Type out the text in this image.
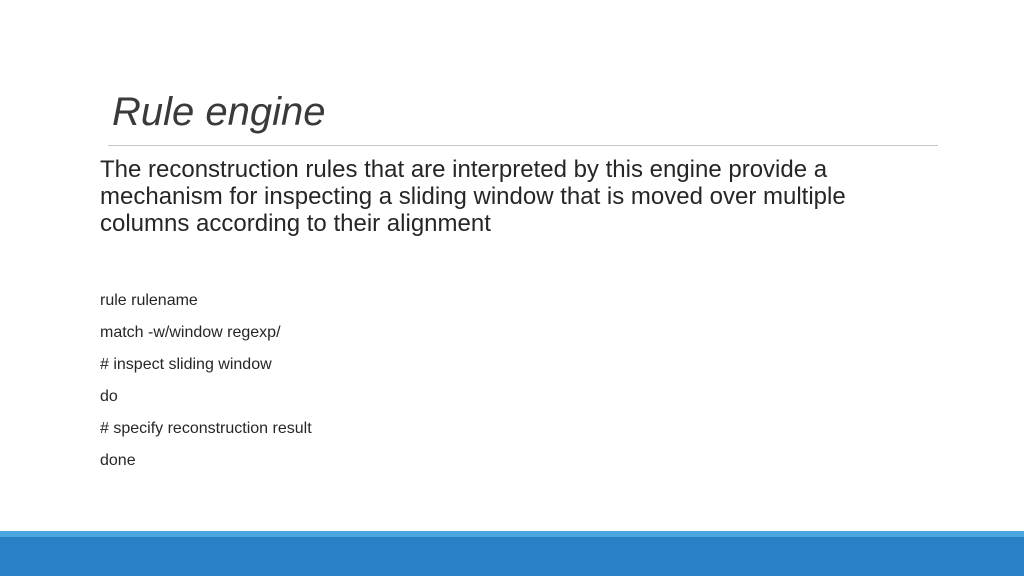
Rule engine
The reconstruction rules that are interpreted by this engine provide a mechanism for inspecting a sliding window that is moved over multiple columns according to their alignment
rule rulename
match -w/window regexp/
# inspect sliding window
do
# specify reconstruction result
done
